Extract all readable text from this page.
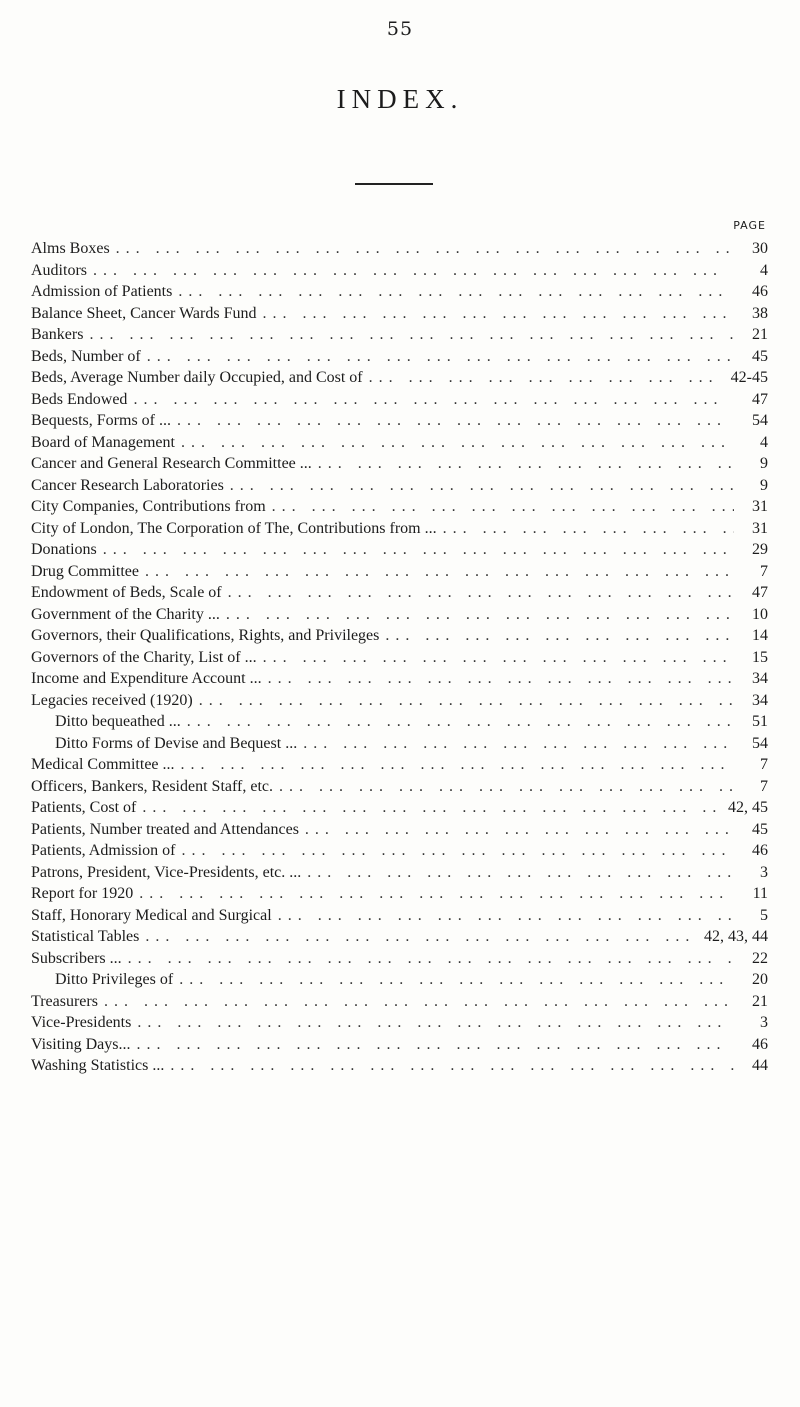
55
INDEX.
PAGE
Alms Boxes ... .	30
Auditors ... .	4
Admission of Patients ... .	46
Balance Sheet, Cancer Wards Fund ... .	38
Bankers ... .	21
Beds, Number of ... .	45
Beds, Average Number daily Occupied, and Cost of ... .	42-45
Beds Endowed ... .	47
Bequests, Forms of ... ... .	54
Board of Management ... .	4
Cancer and General Research Committee ... ... .	9
Cancer Research Laboratories ... .	9
City Companies, Contributions from ... .	31
City of London, The Corporation of The, Contributions from ... ... .	31
Donations ... .	29
Drug Committee ... .	7
Endowment of Beds, Scale of ... .	47
Government of the Charity ... ... .	10
Governors, their Qualifications, Rights, and Privileges ... .	14
Governors of the Charity, List of ... ... .	15
Income and Expenditure Account ... ... .	34
Legacies received (1920) ... .	34
Ditto bequeathed ... ... .	51
Ditto Forms of Devise and Bequest ... ... .	54
Medical Committee ... ... .	7
Officers, Bankers, Resident Staff, etc. ... .	7
Patients, Cost of ... .	42, 45
Patients, Number treated and Attendances ... .	45
Patients, Admission of ... .	46
Patrons, President, Vice-Presidents, etc. ... ... .	3
Report for 1920 ... .	11
Staff, Honorary Medical and Surgical ... .	5
Statistical Tables ... .	42, 43, 44
Subscribers ... ... .	22
Ditto Privileges of ... .	20
Treasurers ... .	21
Vice-Presidents ... .	3
Visiting Days... ... .	46
Washing Statistics ... ... .	44
